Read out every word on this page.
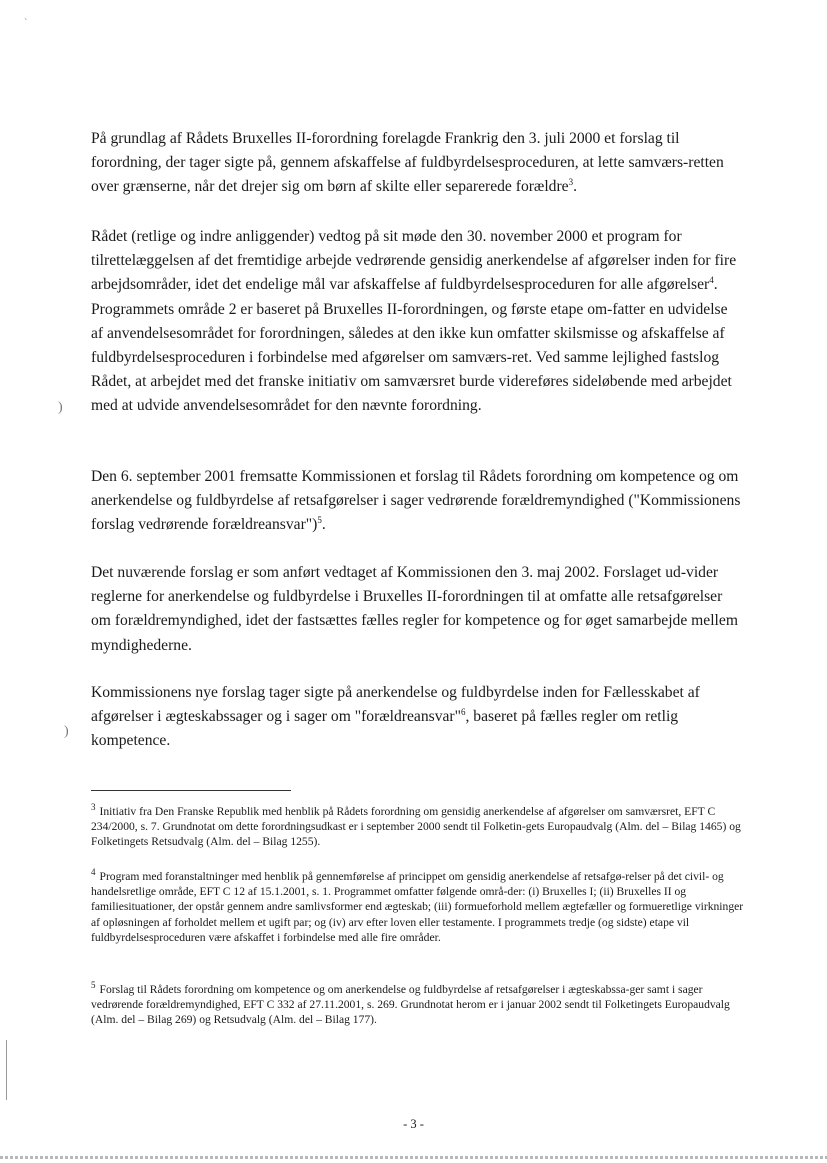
ˋ
)
)

På grundlag af Rådets Bruxelles II-forordning forelagde Frankrig den 3. juli 2000 et forslag til forordning, der tager sigte på, gennem afskaffelse af fuldbyrdelsesproceduren, at lette samværs-retten over grænserne, når det drejer sig om børn af skilte eller separerede forældre$^3$.

Rådet (retlige og indre anliggender) vedtog på sit møde den 30. november 2000 et program for tilrettelæggelsen af det fremtidige arbejde vedrørende gensidig anerkendelse af afgørelser inden for fire arbejdsområder, idet det endelige mål var afskaffelse af fuldbyrdelsesproceduren for alle afgørelser$^4$. Programmets område 2 er baseret på Bruxelles II-forordningen, og første etape om-fatter en udvidelse af anvendelsesområdet for forordningen, således at den ikke kun omfatter skilsmisse og afskaffelse af fuldbyrdelsesproceduren i forbindelse med afgørelser om samværs-ret. Ved samme lejlighed fastslog Rådet, at arbejdet med det franske initiativ om samværsret burde videreføres sideløbende med arbejdet med at udvide anvendelsesområdet for den nævnte forordning.

Den 6. september 2001 fremsatte Kommissionen et forslag til Rådets forordning om kompetence og om anerkendelse og fuldbyrdelse af retsafgørelser i sager vedrørende forældremyndighed ("Kommissionens forslag vedrørende forældreansvar")$^5$.

Det nuværende forslag er som anført vedtaget af Kommissionen den 3. maj 2002. Forslaget ud-vider reglerne for anerkendelse og fuldbyrdelse i Bruxelles II-forordningen til at omfatte alle retsafgørelser om forældremyndighed, idet der fastsættes fælles regler for kompetence og for øget samarbejde mellem myndighederne.

Kommissionens nye forslag tager sigte på anerkendelse og fuldbyrdelse inden for Fællesskabet af afgørelser i ægteskabssager og i sager om "forældreansvar"$^6$, baseret på fælles regler om retlig kompetence.

$^3$ Initiativ fra Den Franske Republik med henblik på Rådets forordning om gensidig anerkendelse af afgørelser om samværsret, EFT C 234/2000, s. 7. Grundnotat om dette forordningsudkast er i september 2000 sendt til Folketin-gets Europaudvalg (Alm. del – Bilag 1465) og Folketingets Retsudvalg (Alm. del – Bilag 1255).

$^4$ Program med foranstaltninger med henblik på gennemførelse af princippet om gensidig anerkendelse af retsafgø-relser på det civil- og handelsretlige område, EFT C 12 af 15.1.2001, s. 1. Programmet omfatter følgende områ-der: (i) Bruxelles I; (ii) Bruxelles II og familiesituationer, der opstår gennem andre samlivsformer end ægteskab; (iii) formueforhold mellem ægtefæller og formueretlige virkninger af opløsningen af forholdet mellem et ugift par; og (iv) arv efter loven eller testamente. I programmets tredje (og sidste) etape vil fuldbyrdelsesproceduren være afskaffet i forbindelse med alle fire områder.

$^5$ Forslag til Rådets forordning om kompetence og om anerkendelse og fuldbyrdelse af retsafgørelser i ægteskabssa-ger samt i sager vedrørende forældremyndighed, EFT C 332 af 27.11.2001, s. 269. Grundnotat herom er i januar 2002 sendt til Folketingets Europaudvalg (Alm. del – Bilag 269) og Retsudvalg (Alm. del – Bilag 177).

- 3 -
